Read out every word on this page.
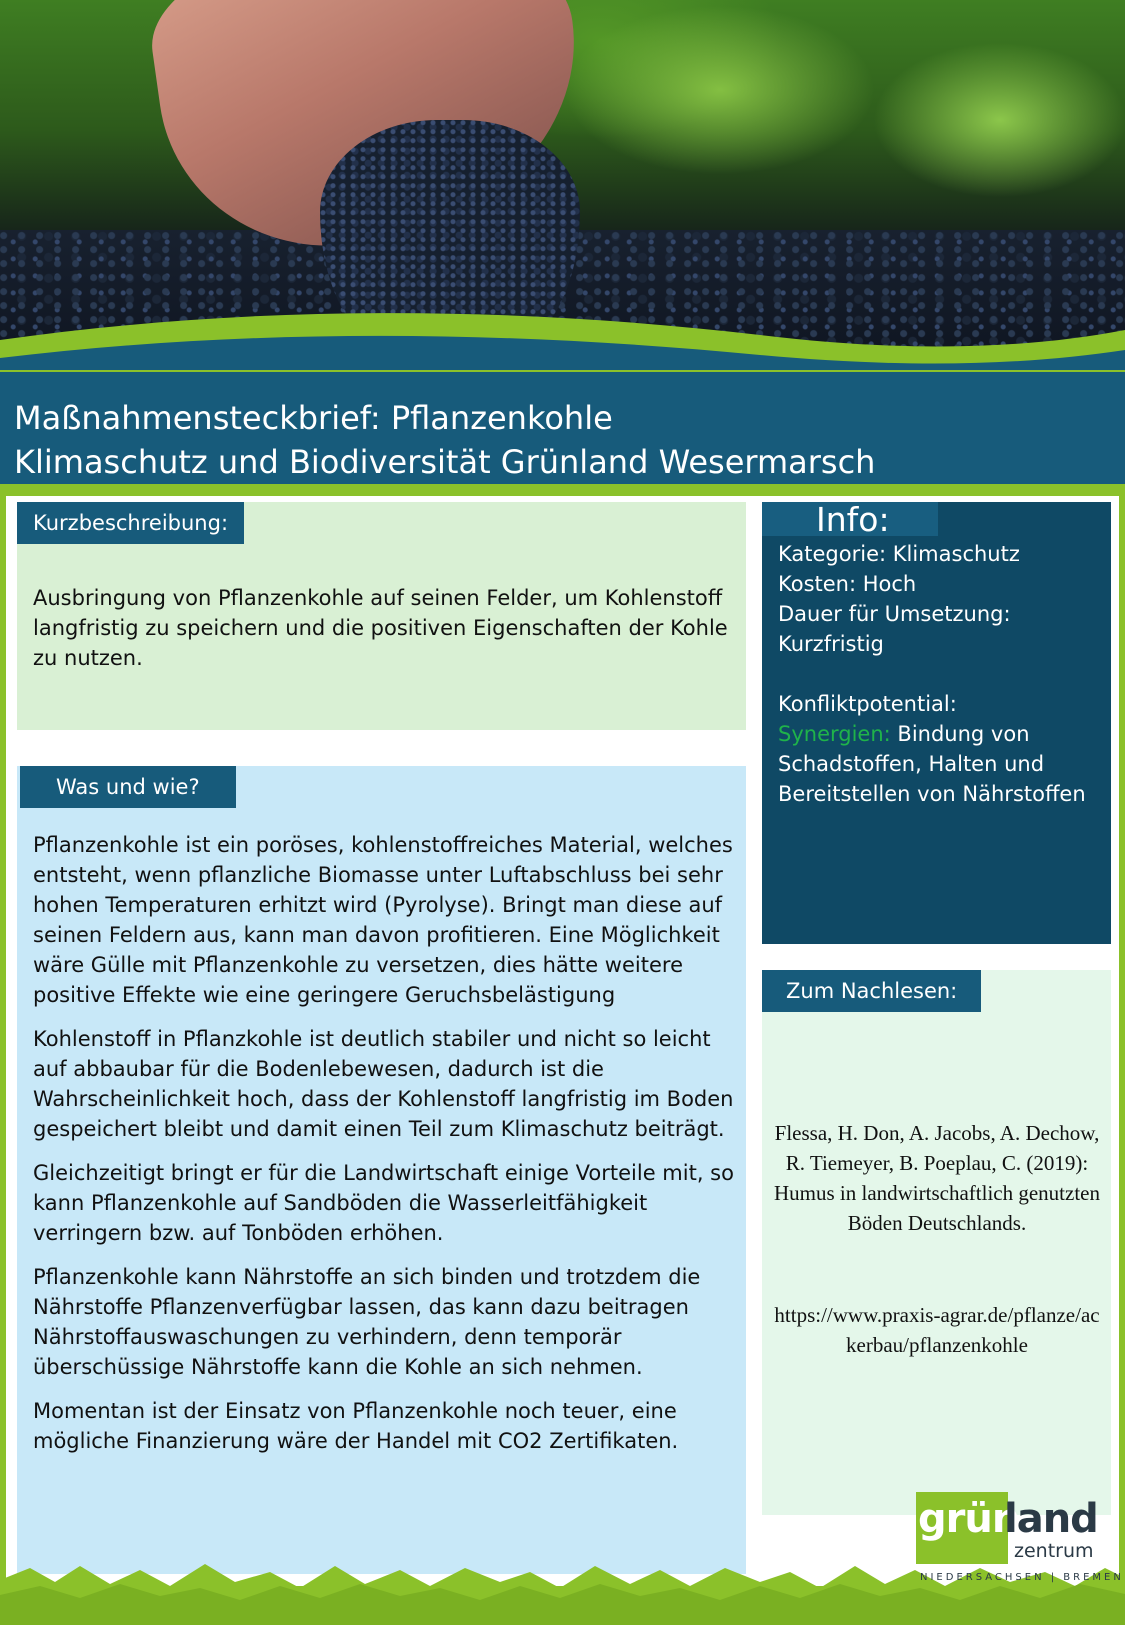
Maßnahmensteckbrief: Pflanzenkohle
Klimaschutz und Biodiversität Grünland Wesermarsch
Kurzbeschreibung:
Ausbringung von Pflanzenkohle auf seinen Felder, um Kohlenstoff langfristig zu speichern und die positiven Eigenschaften der Kohle zu nutzen.
Was und wie?
Pflanzenkohle ist ein poröses, kohlenstoffreiches Material, welches entsteht, wenn pflanzliche Biomasse unter Luftabschluss bei sehr hohen Temperaturen erhitzt wird (Pyrolyse). Bringt man diese auf seinen Feldern aus, kann man davon profitieren. Eine Möglichkeit wäre Gülle mit Pflanzenkohle zu versetzen, dies hätte weitere positive Effekte wie eine geringere Geruchsbelästigung
Kohlenstoff in Pflanzkohle ist deutlich stabiler und nicht so leicht auf abbaubar für die Bodenlebewesen, dadurch ist die Wahrscheinlichkeit hoch, dass der Kohlenstoff langfristig im Boden gespeichert bleibt und damit einen Teil zum Klimaschutz beiträgt.
Gleichzeitigt bringt er für die Landwirtschaft einige Vorteile mit, so kann Pflanzenkohle auf Sandböden die Wasserleitfähigkeit verringern bzw. auf Tonböden erhöhen.
Pflanzenkohle kann Nährstoffe an sich binden und trotzdem die Nährstoffe Pflanzenverfügbar lassen, das kann dazu beitragen Nährstoffauswaschungen zu verhindern, denn temporär überschüssige Nährstoffe kann die Kohle an sich nehmen.
Momentan ist der Einsatz von Pflanzenkohle noch teuer, eine mögliche Finanzierung wäre der Handel mit CO2 Zertifikaten.
Info:
Kategorie: Klimaschutz
Kosten: Hoch
Dauer für Umsetzung:
Kurzfristig
Konfliktpotential:
Synergien: Bindung von Schadstoffen, Halten und Bereitstellen von Nährstoffen
Zum Nachlesen:
Flessa, H. Don, A. Jacobs, A. Dechow, R. Tiemeyer, B. Poeplau, C. (2019): Humus in landwirtschaftlich genutzten Böden Deutschlands.
https://www.praxis-agrar.de/pflanze/ackerbau/pflanzenkohle
grün
land
zentrum
NIEDERSACHSEN | BREMEN
